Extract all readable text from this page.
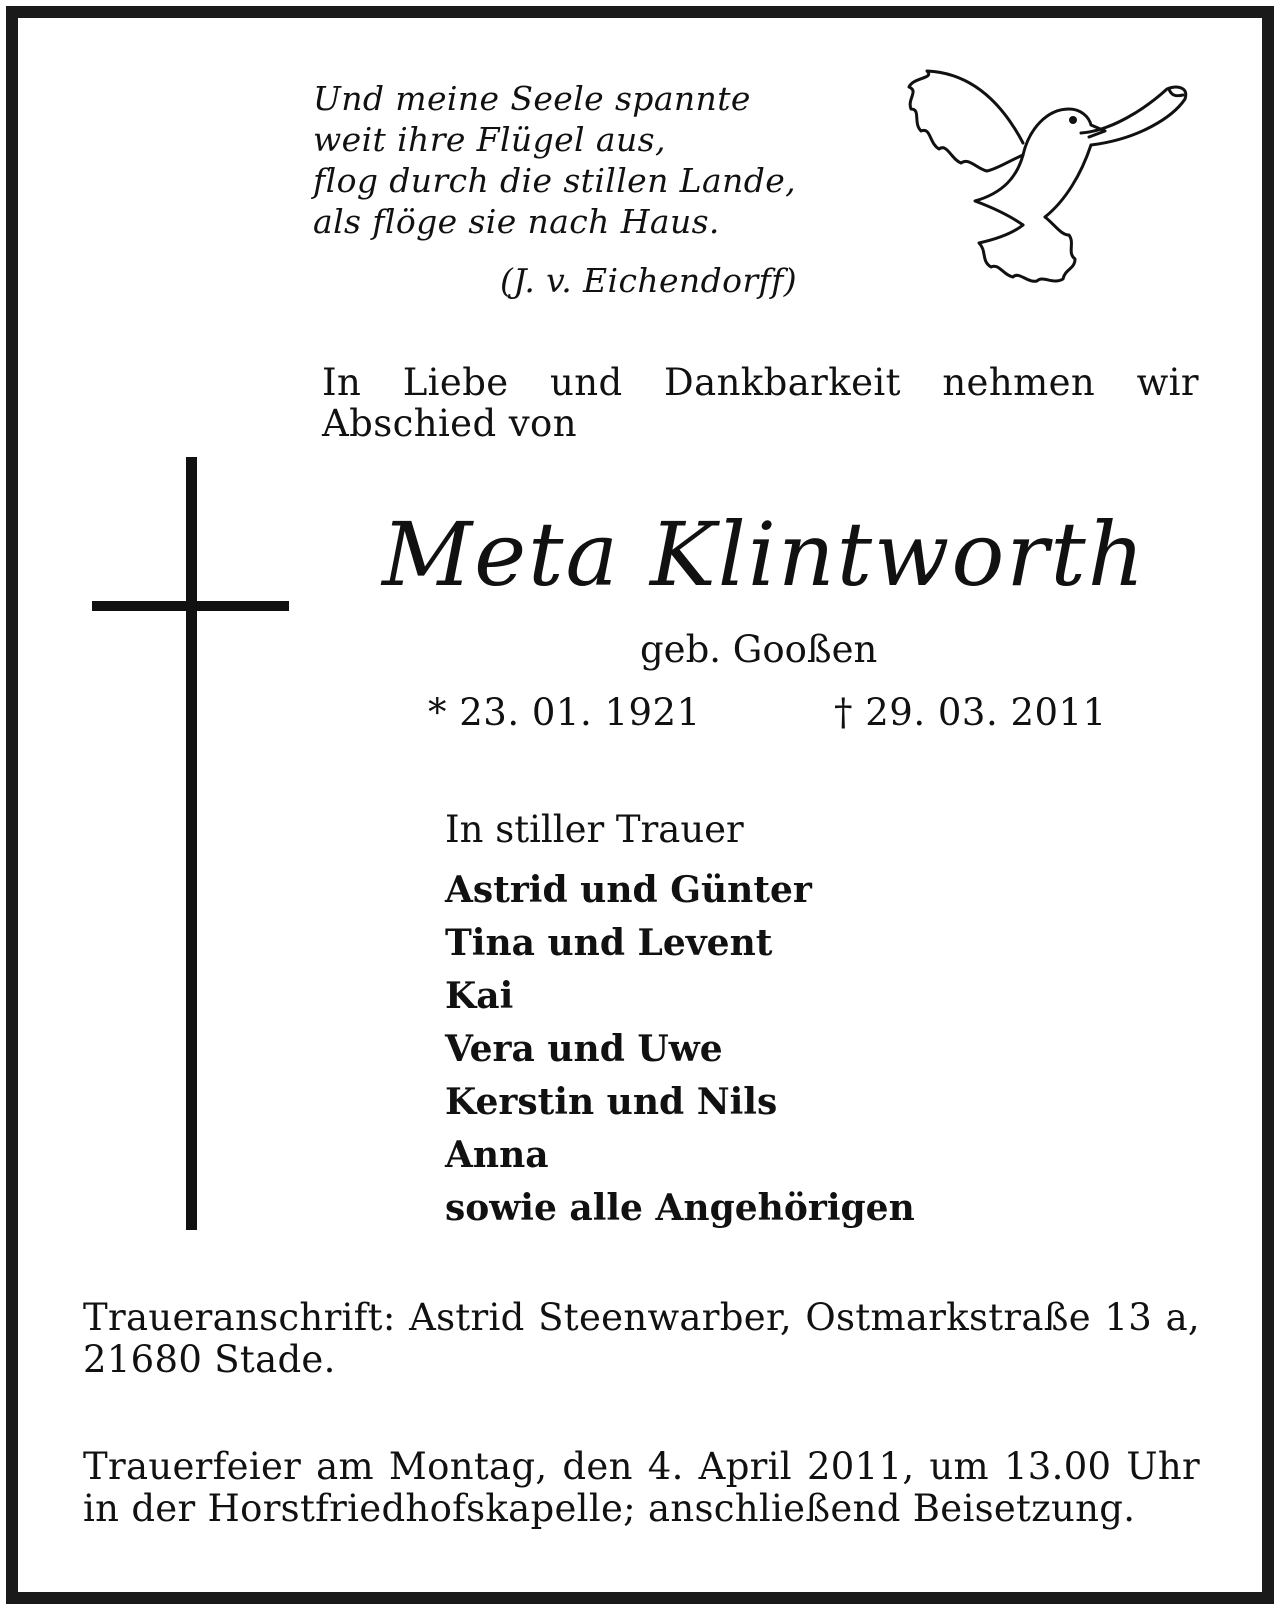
Und meine Seele spannte
weit ihre Flügel aus,
flog durch die stillen Lande,
als flöge sie nach Haus.
(J. v. Eichendorff)
In Liebe und Dankbarkeit nehmen wir
Abschied von
Meta Klintworth
geb. Gooßen
* 23. 01. 1921	† 29. 03. 2011
In stiller Trauer
Astrid und Günter
Tina und Levent
Kai
Vera und Uwe
Kerstin und Nils
Anna
sowie alle Angehörigen
Traueranschrift: Astrid Steenwarber, Ostmarkstraße 13 a,
21680 Stade.
Trauerfeier am Montag, den 4. April 2011, um 13.00 Uhr
in der Horstfriedhofskapelle; anschließend Beisetzung.
